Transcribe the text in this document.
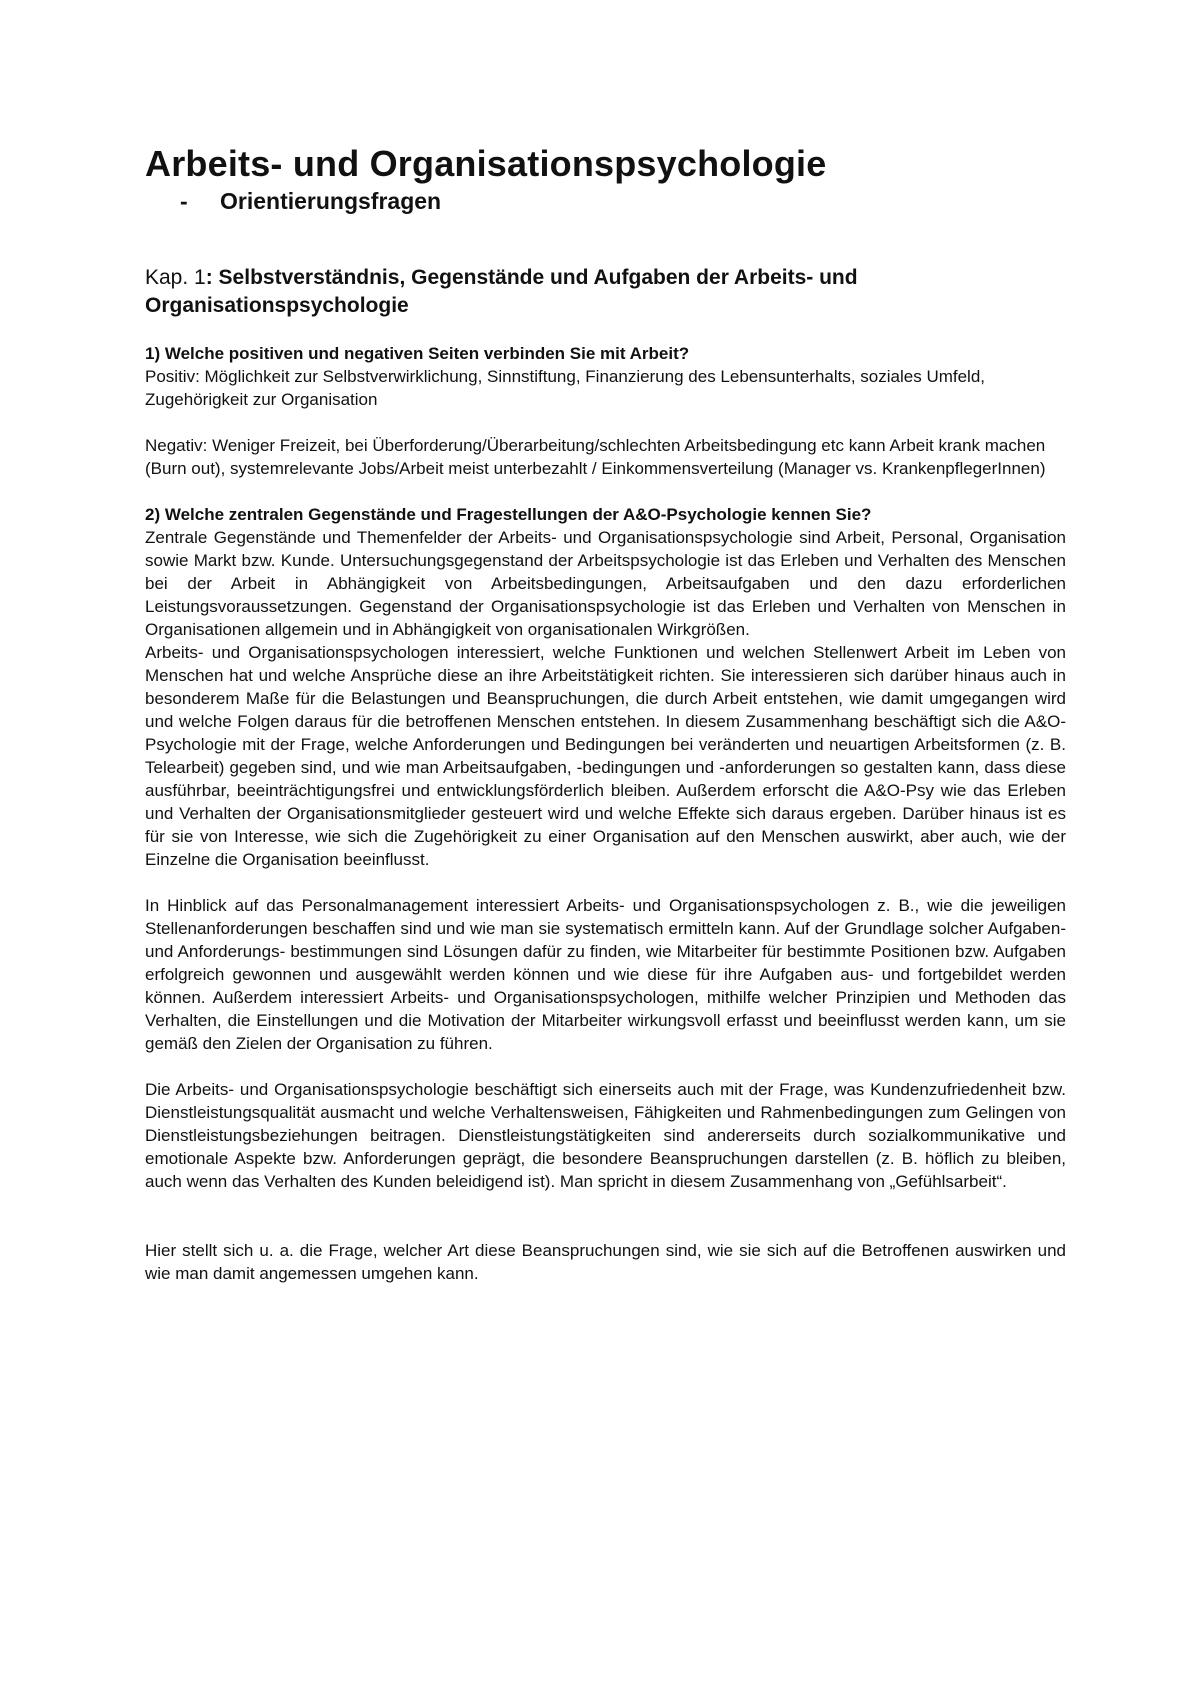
Arbeits- und Organisationspsychologie
- Orientierungsfragen
Kap. 1: Selbstverständnis, Gegenstände und Aufgaben der Arbeits- und Organisationspsychologie
1) Welche positiven und negativen Seiten verbinden Sie mit Arbeit?

Positiv: Möglichkeit zur Selbstverwirklichung, Sinnstiftung, Finanzierung des Lebensunterhalts, soziales Umfeld, Zugehörigkeit zur Organisation

Negativ: Weniger Freizeit, bei Überforderung/Überarbeitung/schlechten Arbeitsbedingung etc kann Arbeit krank machen (Burn out), systemrelevante Jobs/Arbeit meist unterbezahlt / Einkommensverteilung (Manager vs. KrankenpflegerInnen)

2) Welche zentralen Gegenstände und Fragestellungen der A&O-Psychologie kennen Sie?

Zentrale Gegenstände und Themenfelder der Arbeits- und Organisationspsychologie sind Arbeit, Personal, Organisation sowie Markt bzw. Kunde. Untersuchungsgegenstand der Arbeitspsychologie ist das Erleben und Verhalten des Menschen bei der Arbeit in Abhängigkeit von Arbeitsbedingungen, Arbeitsaufgaben und den dazu erforderlichen Leistungsvoraussetzungen. Gegenstand der Organisationspsychologie ist das Erleben und Verhalten von Menschen in Organisationen allgemein und in Abhängigkeit von organisationalen Wirkgrößen.

Arbeits- und Organisationspsychologen interessiert, welche Funktionen und welchen Stellenwert Arbeit im Leben von Menschen hat und welche Ansprüche diese an ihre Arbeitstätigkeit richten. Sie interessieren sich darüber hinaus auch in besonderem Maße für die Belastungen und Beanspruchungen, die durch Arbeit entstehen, wie damit umgegangen wird und welche Folgen daraus für die betroffenen Menschen entstehen. In diesem Zusammenhang beschäftigt sich die A&O-Psychologie mit der Frage, welche Anforderungen und Bedingungen bei veränderten und neuartigen Arbeitsformen (z. B. Telearbeit) gegeben sind, und wie man Arbeitsaufgaben, -bedingungen und -anforderungen so gestalten kann, dass diese ausführbar, beeinträchtigungsfrei und entwicklungsförderlich bleiben. Außerdem erforscht die A&O-Psy wie das Erleben und Verhalten der Organisationsmitglieder gesteuert wird und welche Effekte sich daraus ergeben. Darüber hinaus ist es für sie von Interesse, wie sich die Zugehörigkeit zu einer Organisation auf den Menschen auswirkt, aber auch, wie der Einzelne die Organisation beeinflusst.

In Hinblick auf das Personalmanagement interessiert Arbeits- und Organisationspsychologen z. B., wie die jeweiligen Stellenanforderungen beschaffen sind und wie man sie systematisch ermitteln kann. Auf der Grundlage solcher Aufgaben- und Anforderungs- bestimmungen sind Lösungen dafür zu finden, wie Mitarbeiter für bestimmte Positionen bzw. Aufgaben erfolgreich gewonnen und ausgewählt werden können und wie diese für ihre Aufgaben aus- und fortgebildet werden können. Außerdem interessiert Arbeits- und Organisationspsychologen, mithilfe welcher Prinzipien und Methoden das Verhalten, die Einstellungen und die Motivation der Mitarbeiter wirkungsvoll erfasst und beeinflusst werden kann, um sie gemäß den Zielen der Organisation zu führen.

Die Arbeits- und Organisationspsychologie beschäftigt sich einerseits auch mit der Frage, was Kundenzufriedenheit bzw. Dienstleistungsqualität ausmacht und welche Verhaltensweisen, Fähigkeiten und Rahmenbedingungen zum Gelingen von Dienstleistungsbeziehungen beitragen. Dienstleistungstätigkeiten sind andererseits durch sozialkommunikative und emotionale Aspekte bzw. Anforderungen geprägt, die besondere Beanspruchungen darstellen (z. B. höflich zu bleiben, auch wenn das Verhalten des Kunden beleidigend ist). Man spricht in diesem Zusammenhang von „Gefühlsarbeit“.

Hier stellt sich u. a. die Frage, welcher Art diese Beanspruchungen sind, wie sie sich auf die Betroffenen auswirken und wie man damit angemessen umgehen kann.
